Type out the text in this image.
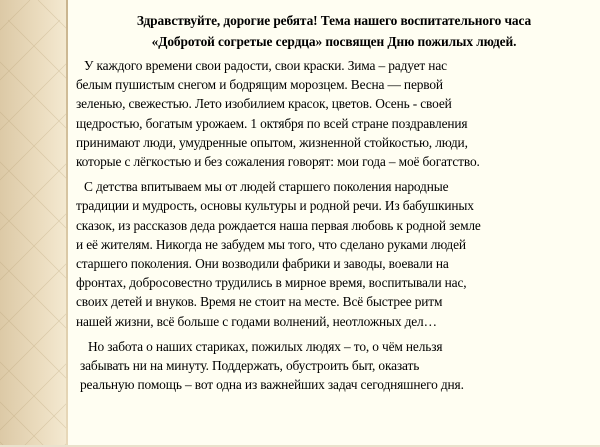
Здравствуйте, дорогие ребята! Тема нашего воспитательного часа
«Добротой согретые сердца» посвящен Дню пожилых людей.
У каждого времени свои радости, свои краски. Зима – радует нас
белым пушистым снегом и бодрящим морозцем. Весна — первой
зеленью, свежестью. Лето изобилием красок, цветов. Осень - своей
щедростью, богатым урожаем. 1 октября по всей стране поздравления
принимают люди, умудренные опытом, жизненной стойкостью, люди,
которые с лёгкостью и без сожаления говорят: мои года – моё богатство.
С детства впитываем мы от людей старшего поколения народные
традиции и мудрость, основы культуры и родной речи. Из бабушкиных
сказок, из рассказов деда рождается наша первая любовь к родной земле
и её жителям. Никогда не забудем мы того, что сделано руками людей
старшего поколения. Они возводили фабрики и заводы, воевали на
фронтах, добросовестно трудились в мирное время, воспитывали нас,
своих детей и внуков. Время не стоит на месте. Всё быстрее ритм
нашей жизни, всё больше с годами волнений, неотложных дел…
Но забота о наших стариках, пожилых людях – то, о чём нельзя
забывать ни на минуту. Поддержать, обустроить быт, оказать
реальную помощь – вот одна из важнейших задач сегодняшнего дня.
